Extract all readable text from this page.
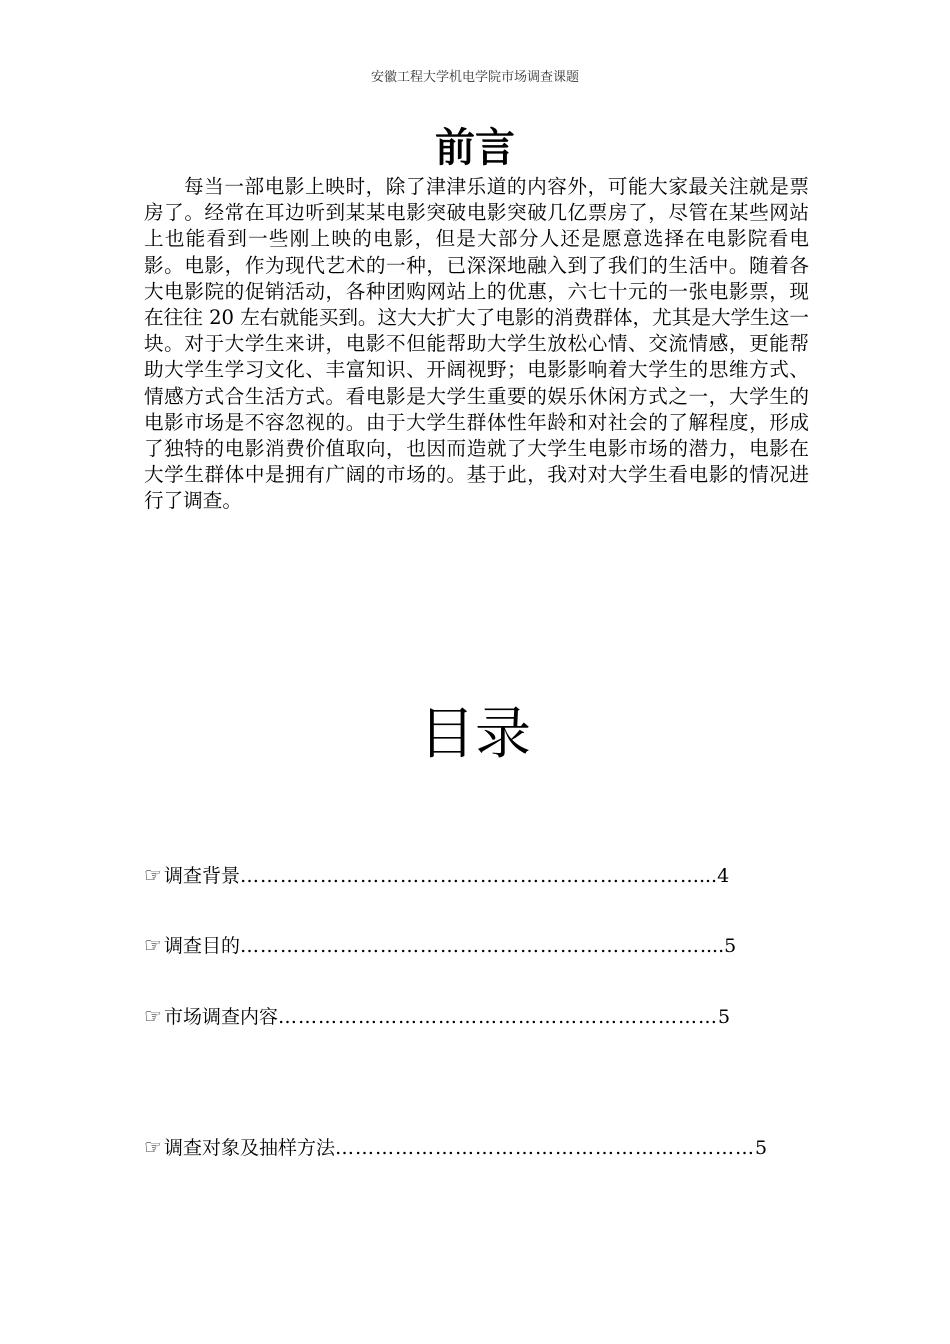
安徽工程大学机电学院市场调查课题
前言

每当一部电影上映时，除了津津乐道的内容外，可能大家最关注就是票房了。经常在耳边听到某某电影突破电影突破几亿票房了，尽管在某些网站上也能看到一些刚上映的电影，但是大部分人还是愿意选择在电影院看电影。电影，作为现代艺术的一种，已深深地融入到了我们的生活中。随着各大电影院的促销活动，各种团购网站上的优惠，六七十元的一张电影票，现在往往 20 左右就能买到。这大大扩大了电影的消费群体，尤其是大学生这一块。对于大学生来讲，电影不但能帮助大学生放松心情、交流情感，更能帮助大学生学习文化、丰富知识、开阔视野；电影影响着大学生的思维方式、情感方式合生活方式。看电影是大学生重要的娱乐休闲方式之一，大学生的电影市场是不容忽视的。由于大学生群体性年龄和对社会的了解程度，形成了独特的电影消费价值取向，也因而造就了大学生电影市场的潜力，电影在大学生群体中是拥有广阔的市场的。基于此，我对对大学生看电影的情况进行了调查。

目录
☞ 调查背景……………………………………………………………...4
☞ 调查目的……………………………………………………………....5
☞ 市场调查内容…………………………………………………………5
☞ 调查对象及抽样方法………………………………………………………5
